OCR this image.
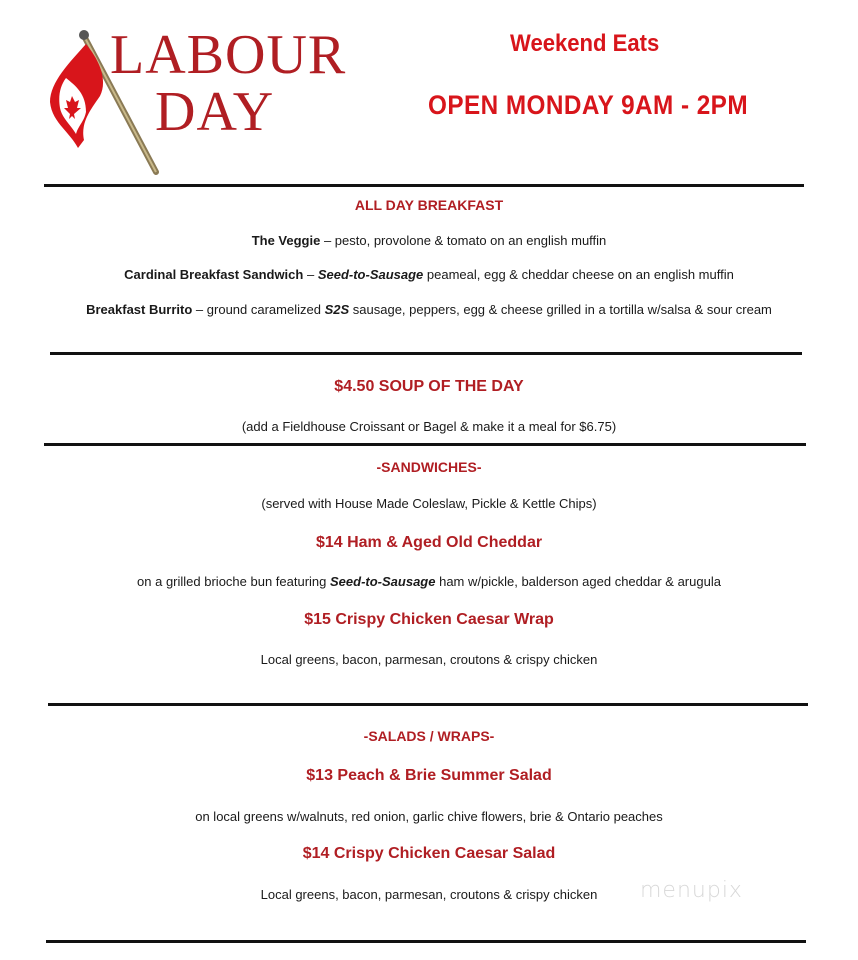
LABOUR
DAY
Weekend Eats
OPEN MONDAY 9AM - 2PM
ALL DAY BREAKFAST
The Veggie – pesto, provolone & tomato on an english muffin
Cardinal Breakfast Sandwich – Seed-to-Sausage peameal, egg & cheddar cheese on an english muffin
Breakfast Burrito – ground caramelized S2S sausage, peppers, egg & cheese grilled in a tortilla w/salsa & sour cream
$4.50 SOUP OF THE DAY
(add a Fieldhouse Croissant or Bagel & make it a meal for $6.75)
-SANDWICHES-
(served with House Made Coleslaw, Pickle & Kettle Chips)
$14 Ham & Aged Old Cheddar
on a grilled brioche bun featuring Seed-to-Sausage ham w/pickle, balderson aged cheddar & arugula
$15 Crispy Chicken Caesar Wrap
Local greens, bacon, parmesan, croutons & crispy chicken
-SALADS / WRAPS-
$13 Peach & Brie Summer Salad
on local greens w/walnuts, red onion, garlic chive flowers, brie & Ontario peaches
$14 Crispy Chicken Caesar Salad
Local greens, bacon, parmesan, croutons & crispy chicken	menupix
